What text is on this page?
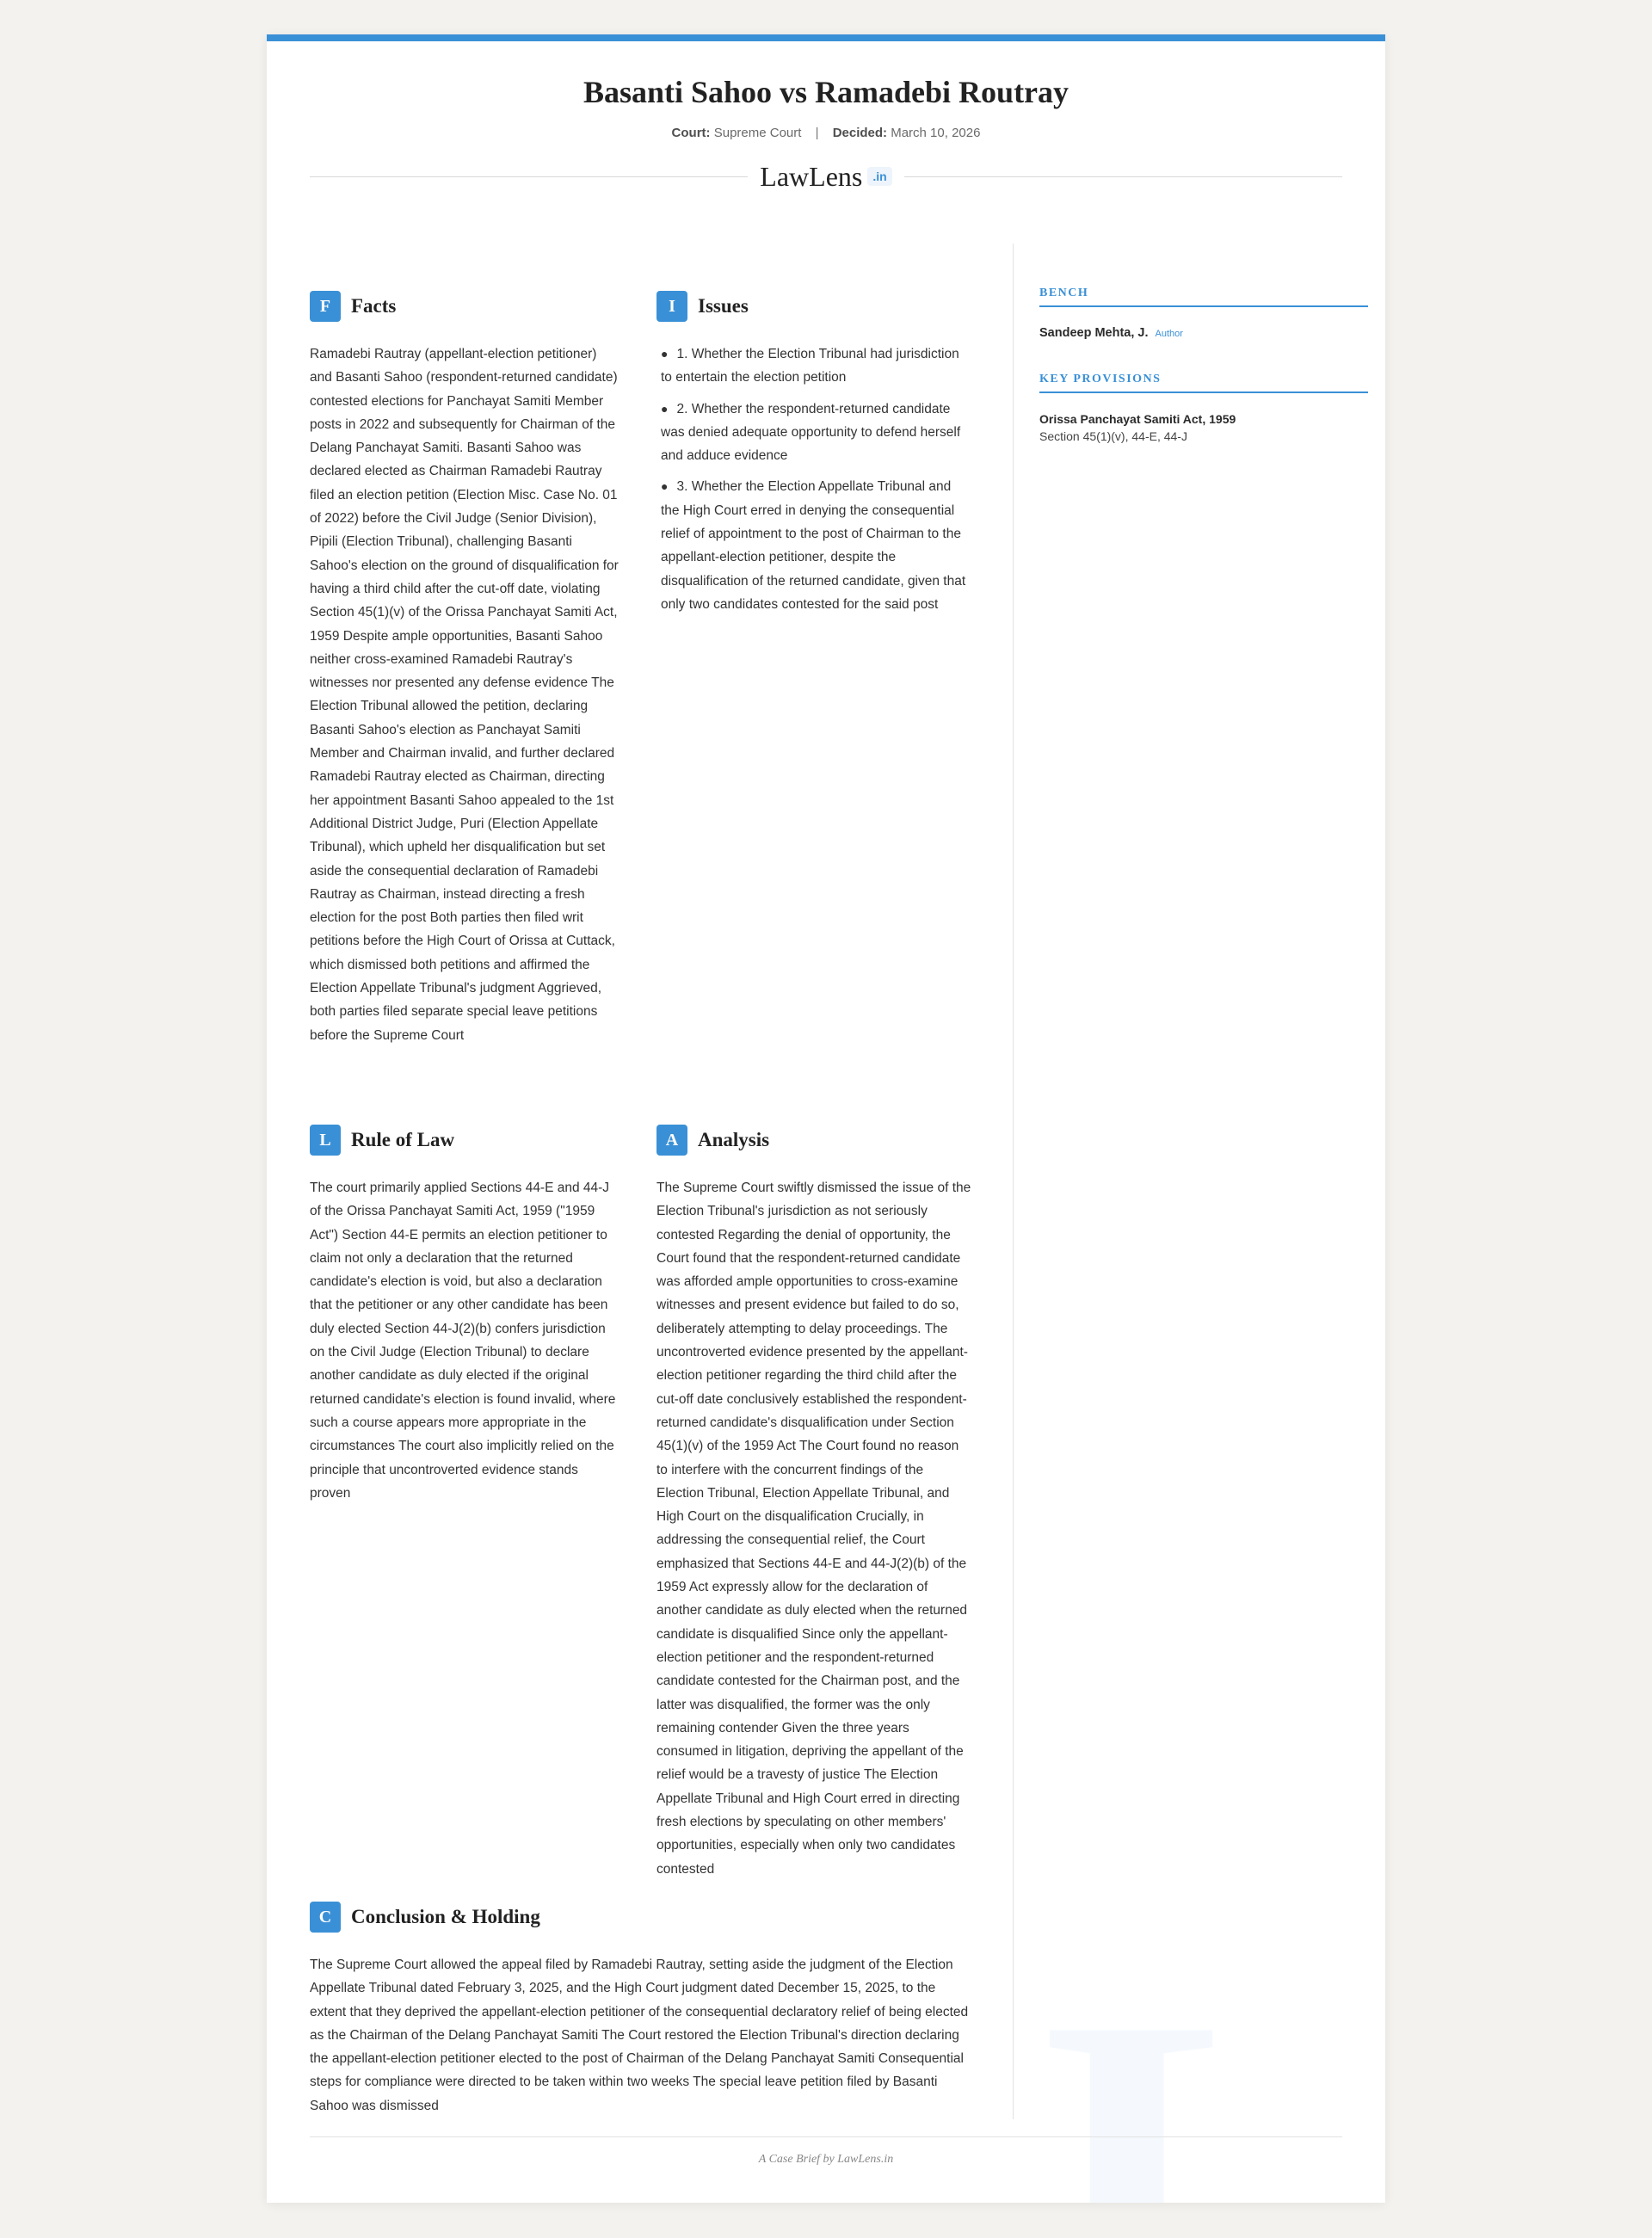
Basanti Sahoo vs Ramadebi Routray
Court: Supreme Court | Decided: March 10, 2026
LawLens .in
F	Facts
Ramadebi Rautray (appellant-election petitioner) and Basanti Sahoo (respondent-returned candidate) contested elections for Panchayat Samiti Member posts in 2022 and subsequently for Chairman of the Delang Panchayat Samiti. Basanti Sahoo was declared elected as Chairman Ramadebi Rautray filed an election petition (Election Misc. Case No. 01 of 2022) before the Civil Judge (Senior Division), Pipili (Election Tribunal), challenging Basanti Sahoo's election on the ground of disqualification for having a third child after the cut-off date, violating Section 45(1)(v) of the Orissa Panchayat Samiti Act, 1959 Despite ample opportunities, Basanti Sahoo neither cross-examined Ramadebi Rautray's witnesses nor presented any defense evidence The Election Tribunal allowed the petition, declaring Basanti Sahoo's election as Panchayat Samiti Member and Chairman invalid, and further declared Ramadebi Rautray elected as Chairman, directing her appointment Basanti Sahoo appealed to the 1st Additional District Judge, Puri (Election Appellate Tribunal), which upheld her disqualification but set aside the consequential declaration of Ramadebi Rautray as Chairman, instead directing a fresh election for the post Both parties then filed writ petitions before the High Court of Orissa at Cuttack, which dismissed both petitions and affirmed the Election Appellate Tribunal's judgment Aggrieved, both parties filed separate special leave petitions before the Supreme Court
I	Issues
● 1. Whether the Election Tribunal had jurisdiction to entertain the election petition
● 2. Whether the respondent-returned candidate was denied adequate opportunity to defend herself and adduce evidence
● 3. Whether the Election Appellate Tribunal and the High Court erred in denying the consequential relief of appointment to the post of Chairman to the appellant-election petitioner, despite the disqualification of the returned candidate, given that only two candidates contested for the said post
L	Rule of Law
The court primarily applied Sections 44-E and 44-J of the Orissa Panchayat Samiti Act, 1959 ("1959 Act") Section 44-E permits an election petitioner to claim not only a declaration that the returned candidate's election is void, but also a declaration that the petitioner or any other candidate has been duly elected Section 44-J(2)(b) confers jurisdiction on the Civil Judge (Election Tribunal) to declare another candidate as duly elected if the original returned candidate's election is found invalid, where such a course appears more appropriate in the circumstances The court also implicitly relied on the principle that uncontroverted evidence stands proven
A Analysis
The Supreme Court swiftly dismissed the issue of the Election Tribunal's jurisdiction as not seriously contested Regarding the denial of opportunity, the Court found that the respondent-returned candidate was afforded ample opportunities to cross-examine witnesses and present evidence but failed to do so, deliberately attempting to delay proceedings. The uncontroverted evidence presented by the appellant-election petitioner regarding the third child after the cut-off date conclusively established the respondent-returned candidate's disqualification under Section 45(1)(v) of the 1959 Act The Court found no reason to interfere with the concurrent findings of the Election Tribunal, Election Appellate Tribunal, and High Court on the disqualification Crucially, in addressing the consequential relief, the Court emphasized that Sections 44-E and 44-J(2)(b) of the 1959 Act expressly allow for the declaration of another candidate as duly elected when the returned candidate is disqualified Since only the appellant-election petitioner and the respondent-returned candidate contested for the Chairman post, and the latter was disqualified, the former was the only remaining contender Given the three years consumed in litigation, depriving the appellant of the relief would be a travesty of justice The Election Appellate Tribunal and High Court erred in directing fresh elections by speculating on other members' opportunities, especially when only two candidates contested
C Conclusion & Holding
The Supreme Court allowed the appeal filed by Ramadebi Rautray, setting aside the judgment of the Election Appellate Tribunal dated February 3, 2025, and the High Court judgment dated December 15, 2025, to the extent that they deprived the appellant-election petitioner of the consequential declaratory relief of being elected as the Chairman of the Delang Panchayat Samiti The Court restored the Election Tribunal's direction declaring the appellant-election petitioner elected to the post of Chairman of the Delang Panchayat Samiti Consequential steps for compliance were directed to be taken within two weeks The special leave petition filed by Basanti Sahoo was dismissed
BENCH
Sandeep Mehta, J. Author
KEY PROVISIONS
Orissa Panchayat Samiti Act, 1959
Section 45(1)(v), 44-E, 44-J
A Case Brief by LawLens.in
